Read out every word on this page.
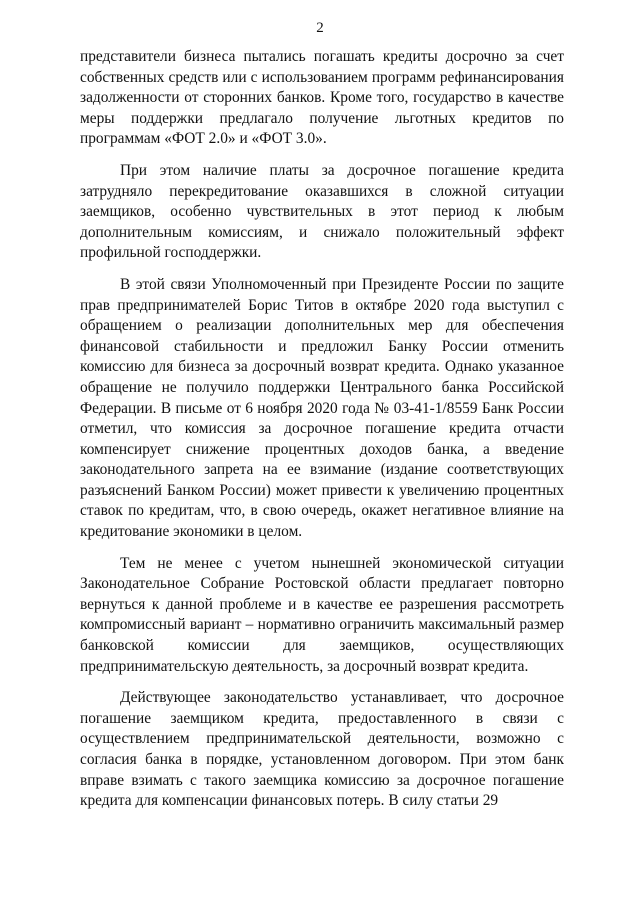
2

представители бизнеса пытались погашать кредиты досрочно за счет собственных средств или с использованием программ рефинансирования задолженности от сторонних банков. Кроме того, государство в качестве меры поддержки предлагало получение льготных кредитов по программам «ФОТ 2.0» и «ФОТ 3.0».

При этом наличие платы за досрочное погашение кредита затрудняло перекредитование оказавшихся в сложной ситуации заемщиков, особенно чувствительных в этот период к любым дополнительным комиссиям, и снижало положительный эффект профильной господдержки.

В этой связи Уполномоченный при Президенте России по защите прав предпринимателей Борис Титов в октябре 2020 года выступил с обращением о реализации дополнительных мер для обеспечения финансовой стабильности и предложил Банку России отменить комиссию для бизнеса за досрочный возврат кредита. Однако указанное обращение не получило поддержки Центрального банка Российской Федерации. В письме от 6 ноября 2020 года № 03-41-1/8559 Банк России отметил, что комиссия за досрочное погашение кредита отчасти компенсирует снижение процентных доходов банка, а введение законодательного запрета на ее взимание (издание соответствующих разъяснений Банком России) может привести к увеличению процентных ставок по кредитам, что, в свою очередь, окажет негативное влияние на кредитование экономики в целом.

Тем не менее с учетом нынешней экономической ситуации Законодательное Собрание Ростовской области предлагает повторно вернуться к данной проблеме и в качестве ее разрешения рассмотреть компромиссный вариант – нормативно ограничить максимальный размер банковской комиссии для заемщиков, осуществляющих предпринимательскую деятельность, за досрочный возврат кредита.

Действующее законодательство устанавливает, что досрочное погашение заемщиком кредита, предоставленного в связи с осуществлением предпринимательской деятельности, возможно с согласия банка в порядке, установленном договором. При этом банк вправе взимать с такого заемщика комиссию за досрочное погашение кредита для компенсации финансовых потерь. В силу статьи 29
